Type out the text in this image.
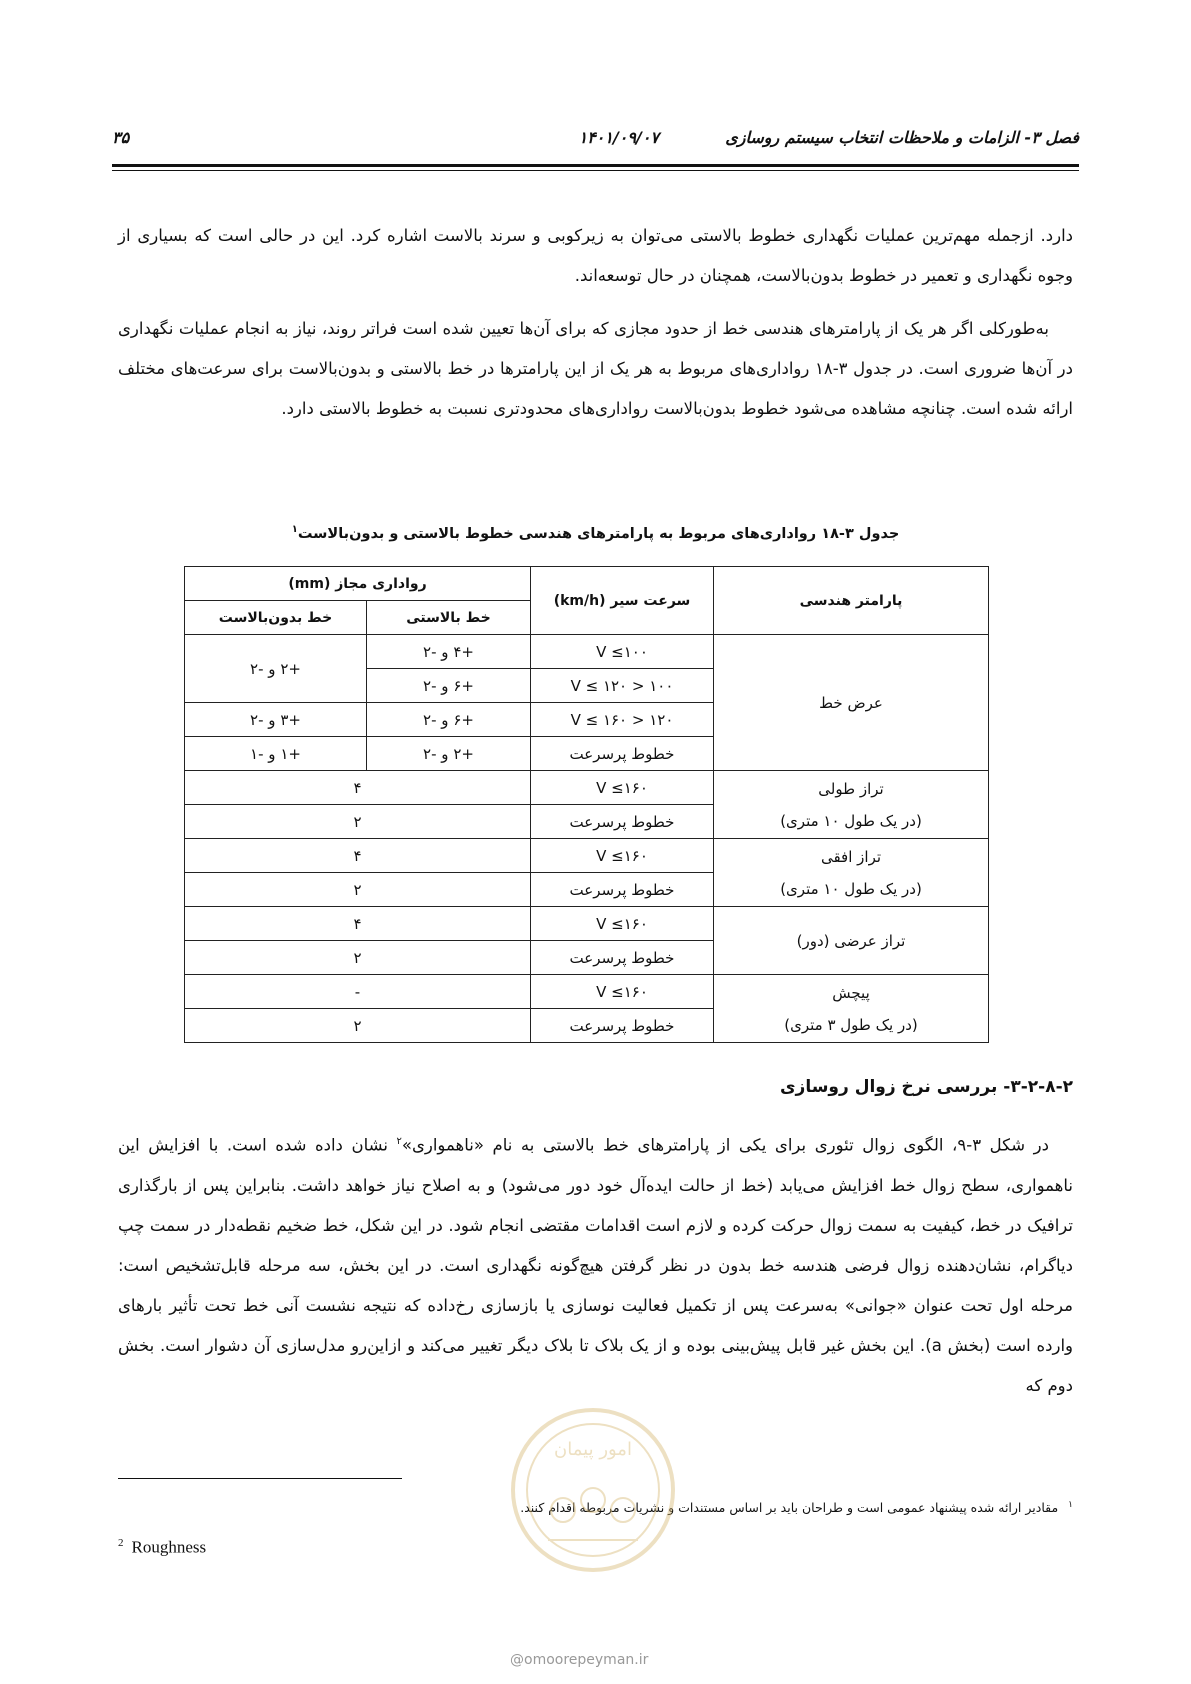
فصل ۳- الزامات و ملاحظات انتخاب سیستم روسازی
۱۴۰۱/۰۹/۰۷
۳۵

دارد. ازجمله مهم‌ترین عملیات نگهداری خطوط بالاستی می‌توان به زیرکوبی و سرند بالاست اشاره کرد. این در حالی است که بسیاری از وجوه نگهداری و تعمیر در خطوط بدون‌بالاست، همچنان در حال توسعه‌اند.

به‌طورکلی اگر هر یک از پارامترهای هندسی خط از حدود مجازی که برای آن‌ها تعیین شده است فراتر روند، نیاز به انجام عملیات نگهداری در آن‌ها ضروری است. در جدول ۳-۱۸ رواداری‌های مربوط به هر یک از این پارامترها در خط بالاستی و بدون‌بالاست برای سرعت‌های مختلف ارائه شده است. چنانچه مشاهده می‌شود خطوط بدون‌بالاست رواداری‌های محدودتری نسبت به خطوط بالاستی دارد.

جدول ۳-۱۸ رواداری‌های مربوط به پارامترهای هندسی خطوط بالاستی و بدون‌بالاست$^۱$
پارامتر هندسی	سرعت سیر (km/h)	رواداری مجاز (mm)	
		خط بالاستی	خط بدون‌بالاست
عرض خط	V ≤۱۰۰	+۴ و -۲	+۲ و -۲
	۱۰۰ < V ≤ ۱۲۰	+۶ و -۲	
	۱۲۰ < V ≤ ۱۶۰	+۶ و -۲	+۳ و -۲
	خطوط پرسرعت	+۲ و -۲	+۱ و -۱
تراز طولی
(در یک طول ۱۰ متری)	V ≤۱۶۰	۴	
	خطوط پرسرعت	۲	
تراز افقی
(در یک طول ۱۰ متری)	V ≤۱۶۰	۴	
	خطوط پرسرعت	۲	
تراز عرضی (دور)	V ≤۱۶۰	۴	
	خطوط پرسرعت	۲	
پیچش
(در یک طول ۳ متری)	V ≤۱۶۰	-	
	خطوط پرسرعت	۲	
۳-۲-۸-۲- بررسی نرخ زوال روسازی

در شکل ۳-۹، الگوی زوال تئوری برای یکی از پارامترهای خط بالاستی به نام «ناهمواری»$^۲$ نشان داده شده است. با افزایش این ناهمواری، سطح زوال خط افزایش می‌یابد (خط از حالت ایده‌آل خود دور می‌شود) و به اصلاح نیاز خواهد داشت. بنابراین پس از بارگذاری ترافیک در خط، کیفیت به سمت زوال حرکت کرده و لازم است اقدامات مقتضی انجام شود. در این شکل، خط ضخیم نقطه‌دار در سمت چپ دیاگرام، نشان‌دهنده زوال فرضی هندسه خط بدون در نظر گرفتن هیچ‌گونه نگهداری است. در این بخش، سه مرحله قابل‌تشخیص است: مرحله اول تحت عنوان «جوانی» به‌سرعت پس از تکمیل فعالیت نوسازی یا بازسازی رخ‌داده که نتیجه نشست آنی خط تحت تأثیر بارهای وارده است (بخش a). این بخش غیر قابل پیش‌بینی بوده و از یک بلاک تا بلاک دیگر تغییر می‌کند و ازاین‌رو مدل‌سازی آن دشوار است. بخش دوم که

$^۱$مقادیر ارائه شده پیشنهاد عمومی است و طراحان باید بر اساس مستندات و نشریات مربوطه اقدام کنند.
$^2$ Roughness
امور پیمان
@omoorepeyman.ir
